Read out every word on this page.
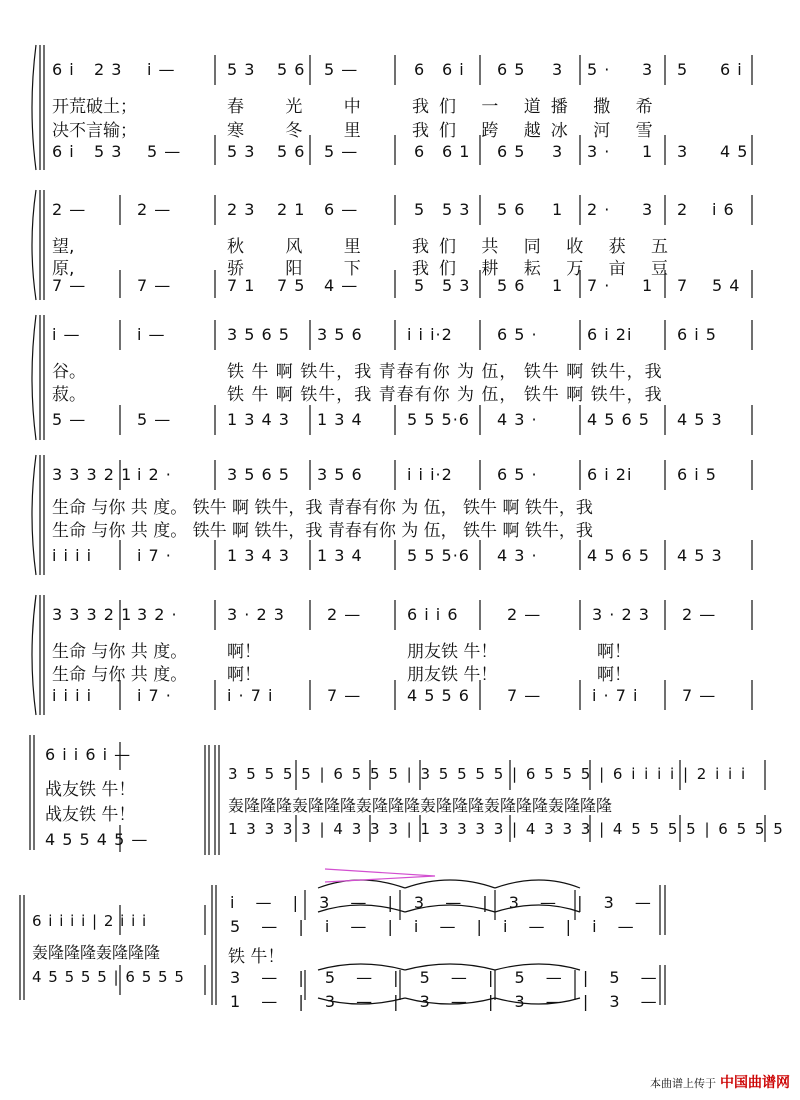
6 i 2 3 i —	5 3 5 6 5 —	6 6 i 6 5 3 5 · 3 5 6 i
开荒破土；	春 光 中 我们 一 道播 撒 希
决不言输；	寒 冬 里 我们 跨 越冰 河 雪
6 i 5 3 5 —	5 3 5 6 5 —	6 6 1 6 5 3 3 · 1 3 4 5
2 —	2 —	2 3 2 1 6 —	5 5 3 5 6 1 2 · 3 2 i 6
望,	秋 风 里 我们 共 同 收 获 五
原,	骄 阳 下 我们 耕 耘 万 亩 豆
7 —	7 —	7 1 7 5 4 —	5 5 3 5 6 1 7 · 1 7 5 4
i —	i —	3 5 6 5 3 5 6	i i i·2	6 5 ·	6 i 2i	6 i 5
谷。	铁 牛 啊 铁牛，我 青春有你 为 伍， 铁牛 啊 铁牛，我
菽。	铁 牛 啊 铁牛，我 青春有你 为 伍， 铁牛 啊 铁牛，我
5 —	5 —	1 3 4 3 1 3 4	5 5 5·6 4 3 ·	4 5 6 5 4 5 3
3 3 3 2 1 i 2 ·	3 5 6 5 3 5 6	i i i·2	6 5 ·	6 i 2i	6 i 5
生命 与你 共 度。 铁牛 啊 铁牛，我 青春有你 为 伍， 铁牛 啊 铁牛，我
生命 与你 共 度。 铁牛 啊 铁牛，我 青春有你 为 伍， 铁牛 啊 铁牛，我
i i i i	i 7 ·	1 3 4 3 1 3 4	5 5 5·6 4 3 ·	4 5 6 5 4 5 3
3 3 3 2 1 3 2 ·	3 · 2 3	2 —	6 i i 6	2 —	3 · 2 3 2 —
生命 与你 共 度。 啊！	朋友铁 牛！	啊！
生命 与你 共 度。 啊！	朋友铁 牛！	啊！
i i i i	i 7 ·	i · 7 i	7 —	4 5 5 6 7 —	i · 7 i	7 —
6 i i 6 i —
战友铁 牛！
战友铁 牛！
4 5 5 4 5 —
3 5 5 5 5 | 6 5 5 5 | 3 5 5 5 5 | 6 5 5 5 | 6 i i i i | 2 i i i
轰隆隆隆轰隆隆隆轰隆隆隆轰隆隆隆轰隆隆隆轰隆隆隆
1 3 3 3 3 | 4 3 3 3 | 1 3 3 3 3 | 4 3 3 3 | 4 5 5 5 5 | 6 5 5 5
6 i i i i | 2 i i i
轰隆隆隆轰隆隆隆
4 5 5 5 5 | 6 5 5 5
i — | 3 — | 3 — | 3 — | 3 —
5 — | i — | i — | i — | i —
铁 牛！
3 — | 5 — | 5 — | 5 — | 5 —
1 — | 3 — | 3 — | 3 — | 3 —
本曲谱上传于 中国曲谱网
